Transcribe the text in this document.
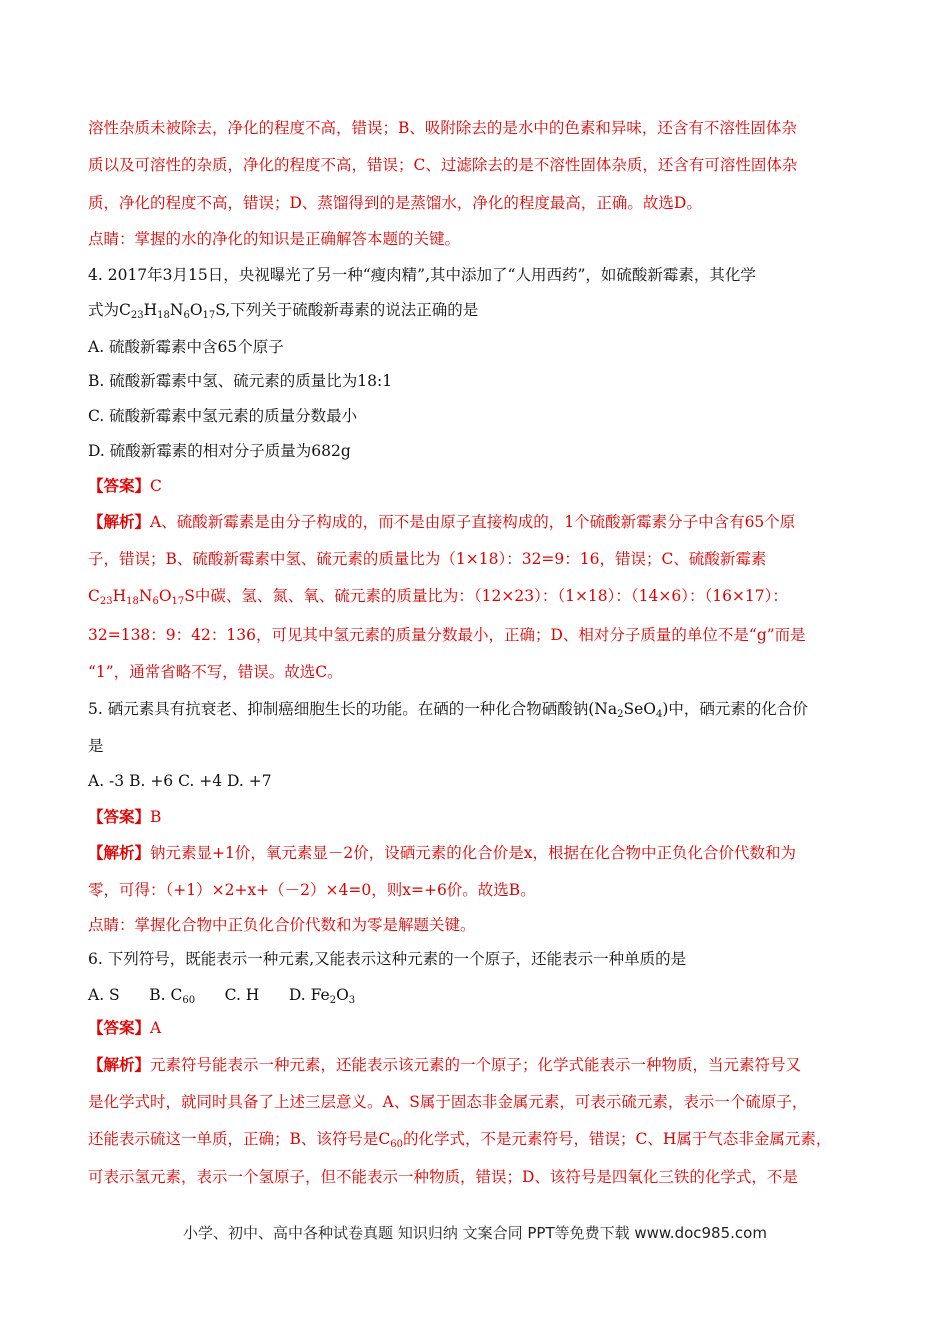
溶性杂质未被除去，净化的程度不高，错误；B、吸附除去的是水中的色素和异味，还含有不溶性固体杂
质以及可溶性的杂质，净化的程度不高，错误；C、过滤除去的是不溶性固体杂质，还含有可溶性固体杂
质，净化的程度不高，错误；D、蒸馏得到的是蒸馏水，净化的程度最高，正确。故选D。
点睛：掌握的水的净化的知识是正确解答本题的关键。
4. 2017年3月15日，央视曝光了另一种“瘦肉精”,其中添加了“人用西药”，如硫酸新霉素，其化学
式为$C_{23}H_{18}N_6O_{17}S$,下列关于硫酸新毒素的说法正确的是
A. 硫酸新霉素中含65个原子
B. 硫酸新霉素中氢、硫元素的质量比为18:1
C. 硫酸新霉素中氢元素的质量分数最小
D. 硫酸新霉素的相对分子质量为682g
【答案】C
【解析】A、硫酸新霉素是由分子构成的，而不是由原子直接构成的，1个硫酸新霉素分子中含有65个原
子，错误；B、硫酸新霉素中氢、硫元素的质量比为（1×18）：32=9：16，错误；C、硫酸新霉素
$C_{23}H_{18}N_6O_{17}S$中碳、氢、氮、氧、硫元素的质量比为：（12×23）：（1×18）：（14×6）：（16×17）：
32=138：9：42：136，可见其中氢元素的质量分数最小，正确；D、相对分子质量的单位不是“g”而是
“1”，通常省略不写，错误。故选C。
5. 硒元素具有抗衰老、抑制癌细胞生长的功能。在硒的一种化合物硒酸钠$(Na_2SeO_4)$中，硒元素的化合价
是
A. -3 B. +6 C. +4 D. +7
【答案】B
【解析】钠元素显+1价，氧元素显－2价，设硒元素的化合价是x，根据在化合物中正负化合价代数和为
零，可得：（+1）×2+x+（－2）×4=0，则x=+6价。故选B。
点睛：掌握化合物中正负化合价代数和为零是解题关键。
6. 下列符号，既能表示一种元素,又能表示这种元素的一个原子，还能表示一种单质的是
A. S B. $C_{60}$ C. H D. $Fe_2O_3$
【答案】A
【解析】元素符号能表示一种元素，还能表示该元素的一个原子；化学式能表示一种物质，当元素符号又
是化学式时，就同时具备了上述三层意义。A、S属于固态非金属元素，可表示硫元素，表示一个硫原子，
还能表示硫这一单质，正确；B、该符号是$C_{60}$的化学式，不是元素符号，错误；C、H属于气态非金属元素，
可表示氢元素，表示一个氢原子，但不能表示一种物质，错误；D、该符号是四氧化三铁的化学式，不是
小学、初中、高中各种试卷真题 知识归纳 文案合同 PPT等免费下载 www.doc985.com
